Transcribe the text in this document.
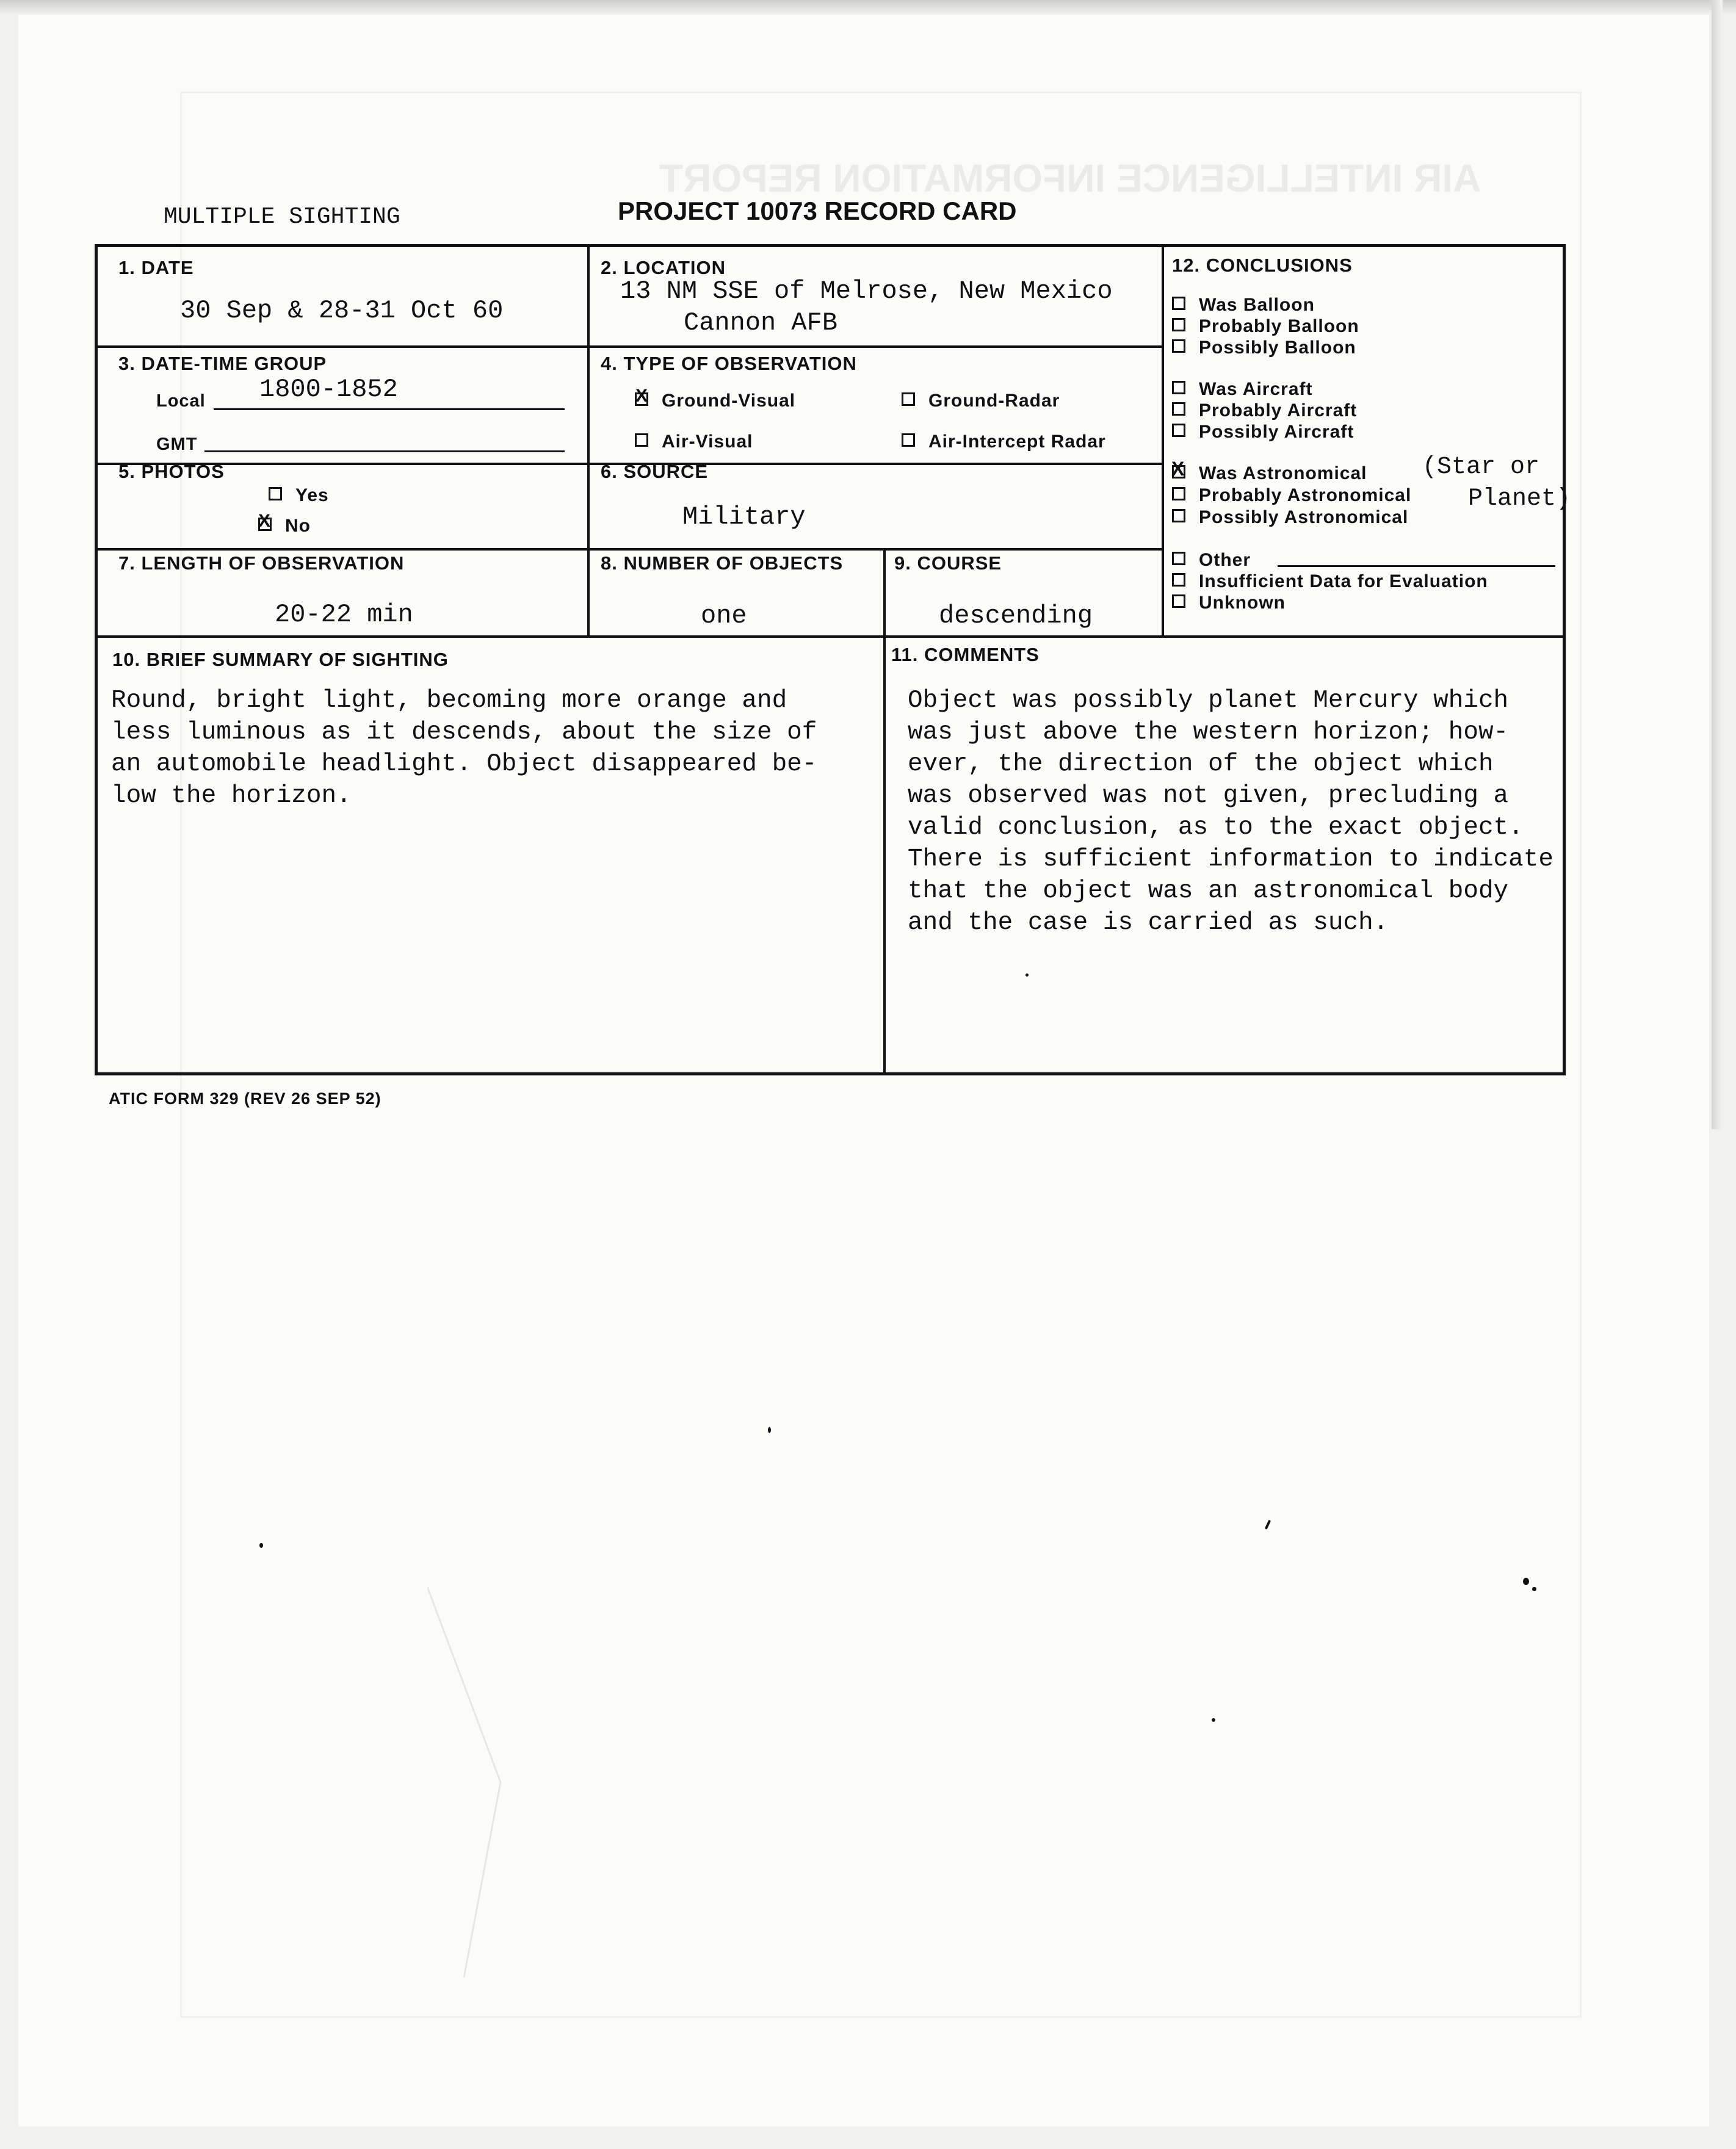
AIR INTELLIGENCE INFORMATION REPORT
MULTIPLE SIGHTING	PROJECT 10073 RECORD CARD
1. DATE
30 Sep & 28-31 Oct 60
2. LOCATION
13 NM SSE of Melrose, New Mexico
Cannon AFB
3. DATE-TIME GROUP
Local 1800-1852
GMT
4. TYPE OF OBSERVATION
X Ground-Visual	Ground-Radar
Air-Visual	Air-Intercept Radar
5. PHOTOS
Yes
X No
6. SOURCE
Military
7. LENGTH OF OBSERVATION
20-22 min
8. NUMBER OF OBJECTS
one
9. COURSE
descending
10. BRIEF SUMMARY OF SIGHTING
Round, bright light, becoming more orange and
less luminous as it descends, about the size of
an automobile headlight. Object disappeared be-
low the horizon.
11. COMMENTS
Object was possibly planet Mercury which
was just above the western horizon; how-
ever, the direction of the object which
was observed was not given, precluding a
valid conclusion, as to the exact object.
There is sufficient information to indicate
that the object was an astronomical body
and the case is carried as such.
12. CONCLUSIONS
Was Balloon
Probably Balloon
Possibly Balloon
Was Aircraft
Probably Aircraft
Possibly Aircraft
X Was Astronomical
Probably Astronomical
Possibly Astronomical
(Star or
Planet)
Other
Insufficient Data for Evaluation
Unknown
ATIC FORM 329 (REV 26 SEP 52)
